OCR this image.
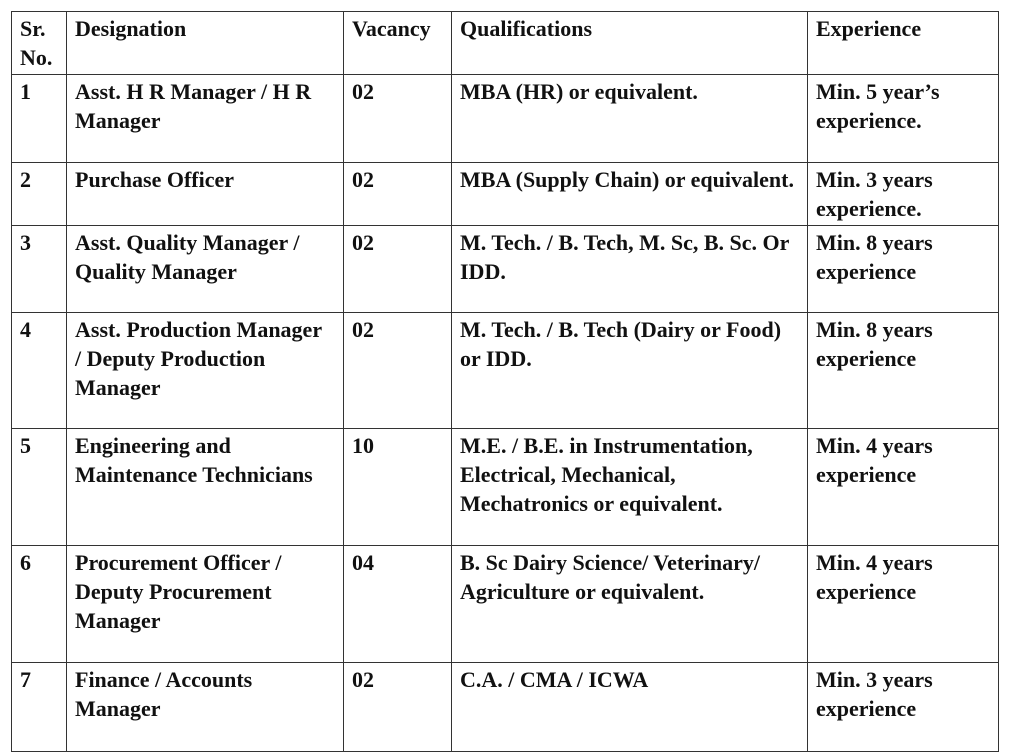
Sr. No.	Designation	Vacancy	Qualifications	Experience
1	Asst. H R Manager / H R Manager	02	MBA (HR) or equivalent.	Min. 5 year’s experience.
2	Purchase Officer	02	MBA (Supply Chain) or equivalent.	Min. 3 years experience.
3	Asst. Quality Manager / Quality Manager	02	M. Tech. / B. Tech, M. Sc, B. Sc. Or IDD.	Min. 8 years experience
4	Asst. Production Manager / Deputy Production Manager	02	M. Tech. / B. Tech (Dairy or Food) or IDD.	Min. 8 years experience
5	Engineering and Maintenance Technicians	10	M.E. / B.E. in Instrumentation, Electrical, Mechanical, Mechatronics or equivalent.	Min. 4 years experience
6	Procurement Officer / Deputy Procurement Manager	04	B. Sc Dairy Science/ Veterinary/ Agriculture or equivalent.	Min. 4 years experience
7	Finance / Accounts Manager	02	C.A. / CMA / ICWA	Min. 3 years experience
